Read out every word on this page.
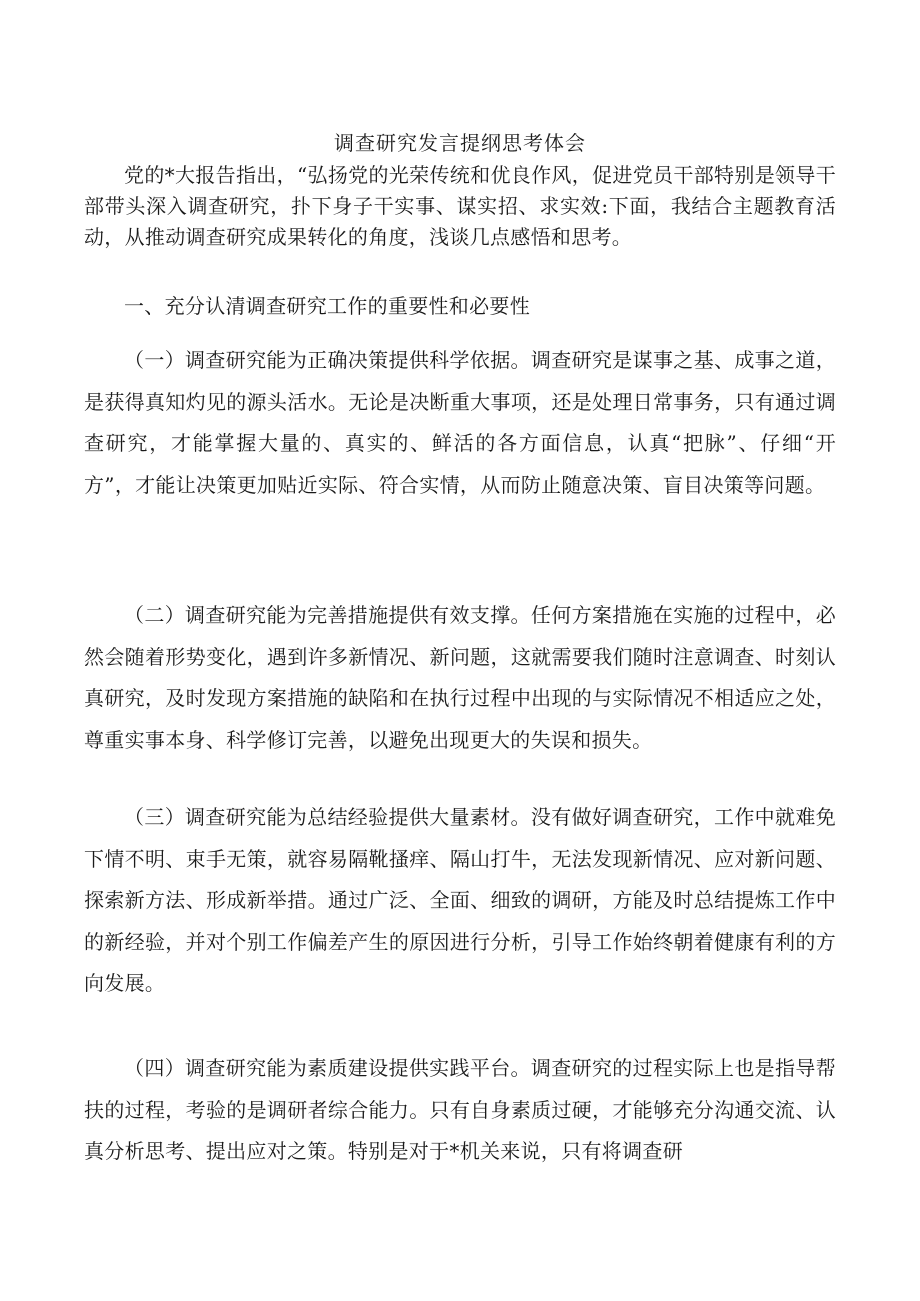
调查研究发言提纲思考体会

党的*大报告指出，“弘扬党的光荣传统和优良作风，促进党员干部特别是领导干部带头深入调查研究，扑下身子干实事、谋实招、求实效:下面，我结合主题教育活动，从推动调查研究成果转化的角度，浅谈几点感悟和思考。

一、充分认清调查研究工作的重要性和必要性

（一）调查研究能为正确决策提供科学依据。调查研究是谋事之基、成事之道，是获得真知灼见的源头活水。无论是决断重大事项，还是处理日常事务，只有通过调查研究，才能掌握大量的、真实的、鲜活的各方面信息，认真“把脉”、仔细“开方”，才能让决策更加贴近实际、符合实情，从而防止随意决策、盲目决策等问题。

（二）调查研究能为完善措施提供有效支撑。任何方案措施在实施的过程中，必然会随着形势变化，遇到许多新情况、新问题，这就需要我们随时注意调查、时刻认真研究，及时发现方案措施的缺陷和在执行过程中出现的与实际情况不相适应之处，尊重实事本身、科学修订完善，以避免出现更大的失误和损失。

（三）调查研究能为总结经验提供大量素材。没有做好调查研究，工作中就难免下情不明、束手无策，就容易隔靴搔痒、隔山打牛，无法发现新情况、应对新问题、探索新方法、形成新举措。通过广泛、全面、细致的调研，方能及时总结提炼工作中的新经验，并对个别工作偏差产生的原因进行分析，引导工作始终朝着健康有利的方向发展。

（四）调查研究能为素质建设提供实践平台。调查研究的过程实际上也是指导帮扶的过程，考验的是调研者综合能力。只有自身素质过硬，才能够充分沟通交流、认真分析思考、提出应对之策。特别是对于*机关来说，只有将调查研
